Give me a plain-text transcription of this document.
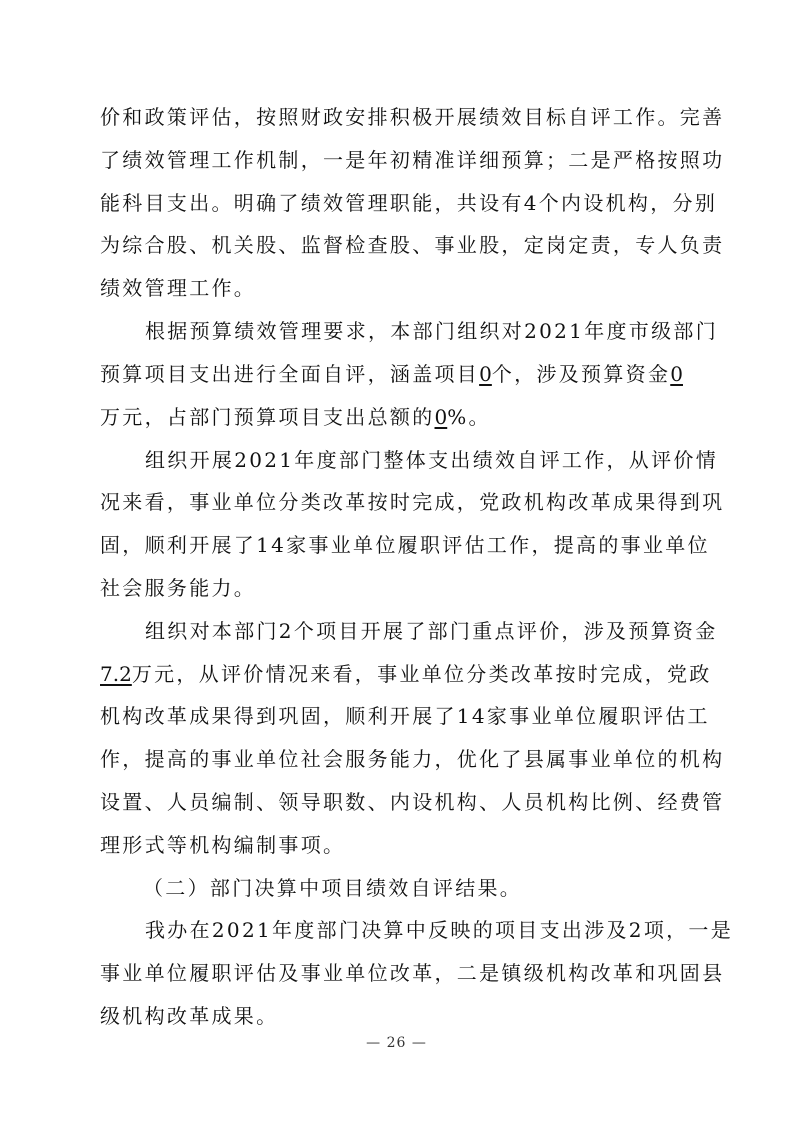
价和政策评估，按照财政安排积极开展绩效目标自评工作。完善
了绩效管理工作机制，一是年初精准详细预算；二是严格按照功
能科目支出。明确了绩效管理职能，共设有4个内设机构，分别
为综合股、机关股、监督检查股、事业股，定岗定责，专人负责
绩效管理工作。
根据预算绩效管理要求，本部门组织对2021年度市级部门
预算项目支出进行全面自评，涵盖项目0个，涉及预算资金0
万元，占部门预算项目支出总额的0%。
组织开展2021年度部门整体支出绩效自评工作，从评价情
况来看，事业单位分类改革按时完成，党政机构改革成果得到巩
固，顺利开展了14家事业单位履职评估工作，提高的事业单位
社会服务能力。
组织对本部门2个项目开展了部门重点评价，涉及预算资金
7.2万元，从评价情况来看，事业单位分类改革按时完成，党政
机构改革成果得到巩固，顺利开展了14家事业单位履职评估工
作，提高的事业单位社会服务能力，优化了县属事业单位的机构
设置、人员编制、领导职数、内设机构、人员机构比例、经费管
理形式等机构编制事项。
（二）部门决算中项目绩效自评结果。
我办在2021年度部门决算中反映的项目支出涉及2项，一是
事业单位履职评估及事业单位改革，二是镇级机构改革和巩固县
级机构改革成果。
— 26 —
